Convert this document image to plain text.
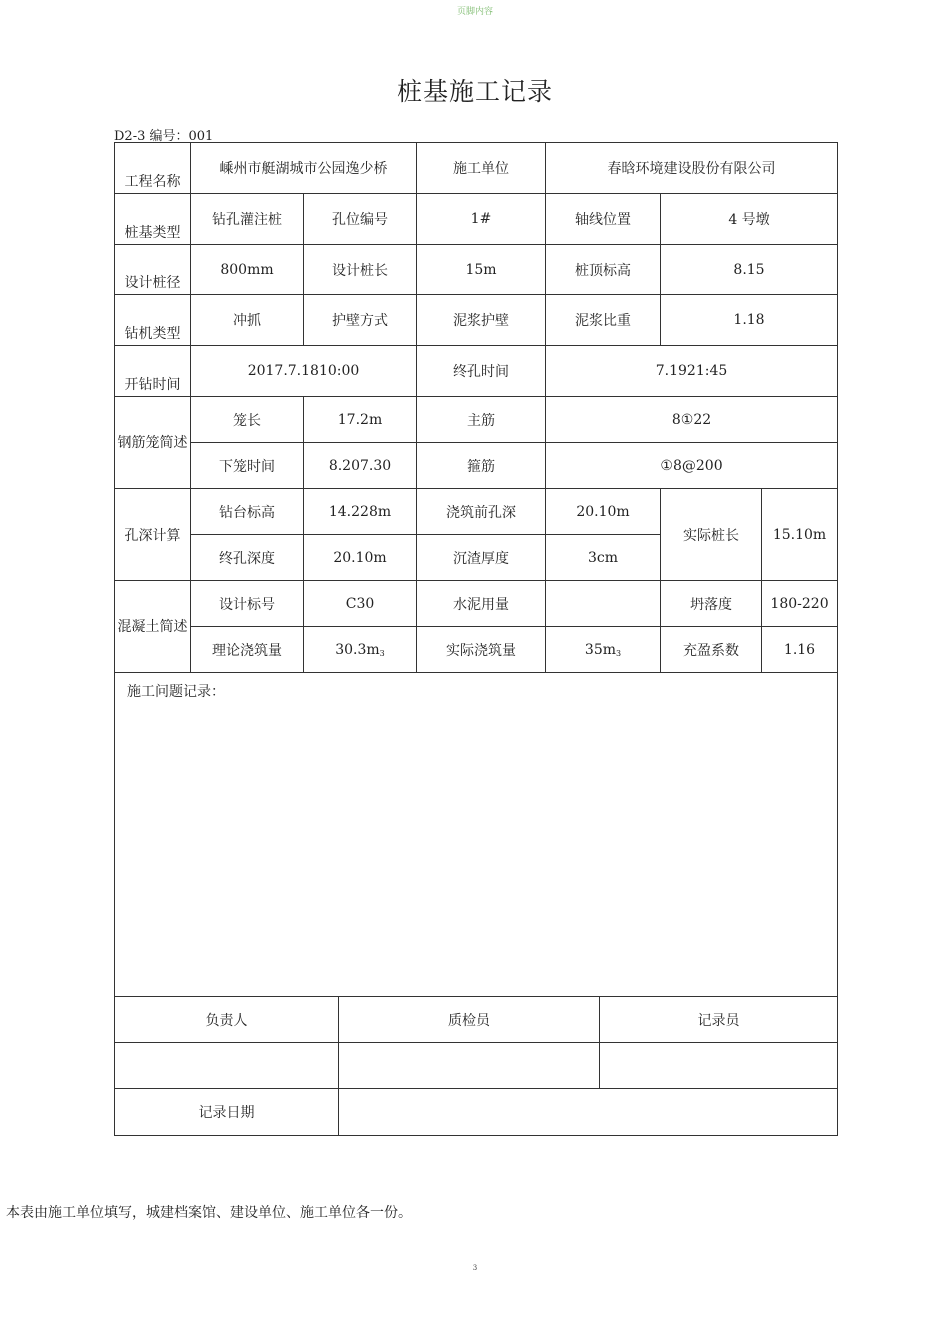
页脚内容
桩基施工记录
D2-3 编号：001
工程名称	嵊州市艇湖城市公园逸少桥		施工单位	春晗环境建设股份有限公司		
桩基类型	钻孔灌注桩	孔位编号	1#	轴线位置	4 号墩	
设计桩径	800mm	设计桩长	15m	桩顶标高	8.15	
钻机类型	冲抓	护壁方式	泥浆护壁	泥浆比重	1.18	
开钻时间	2017.7.1810:00		终孔时间	7.1921:45		
钢筋笼简述	笼长	17.2m	主筋	8①22		
	下笼时间	8.207.30	箍筋	①8@200		
孔深计算	钻台标高	14.228m	浇筑前孔深	20.10m	实际桩长	15.10m
	终孔深度	20.10m	沉渣厚度	3cm		
混凝土简述	设计标号	C30	水泥用量		坍落度	180-220
	理论浇筑量	$30.3m_3$	实际浇筑量	$35m_3$	充盈系数	1.16
施工问题记录：						
负责人	质检员	记录员

记录日期		
本表由施工单位填写，城建档案馆、建设单位、施工单位各一份。
3
